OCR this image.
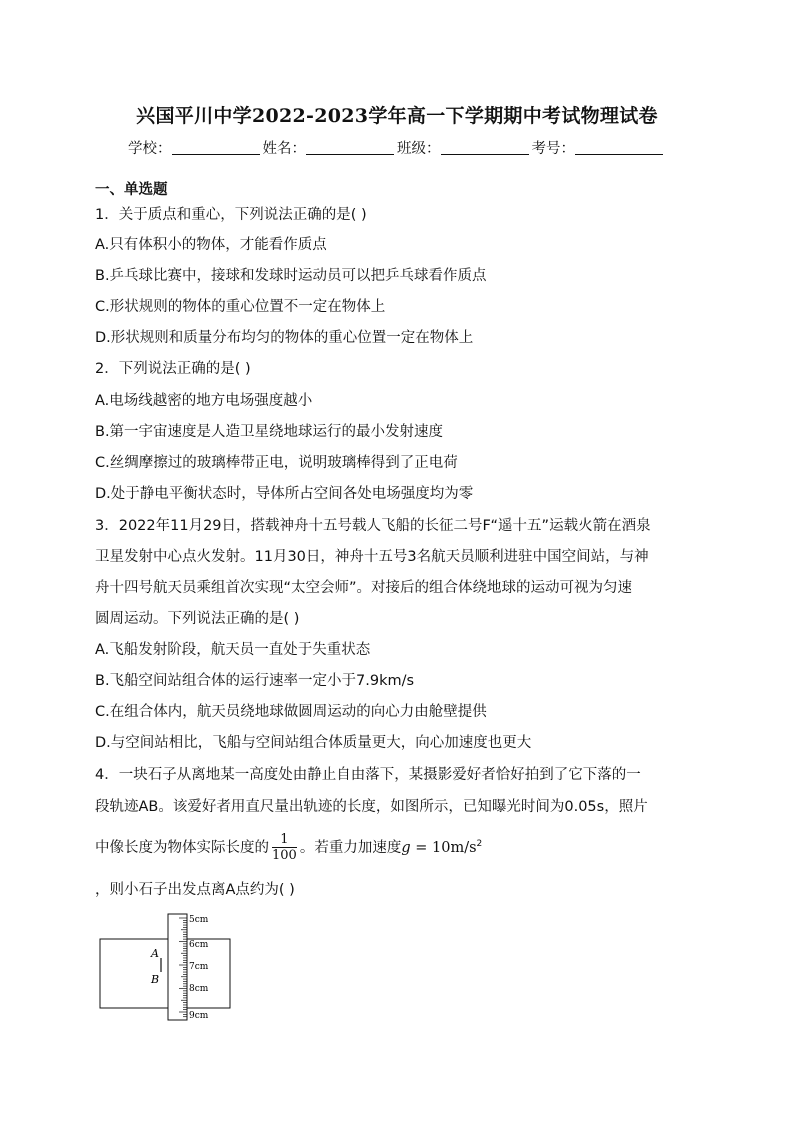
兴国平川中学2022-2023学年高一下学期期中考试物理试卷
学校：	姓名：	班级：	考号：
一、单选题
1．关于质点和重心，下列说法正确的是( )
A.只有体积小的物体，才能看作质点
B.乒乓球比赛中，接球和发球时运动员可以把乒乓球看作质点
C.形状规则的物体的重心位置不一定在物体上
D.形状规则和质量分布均匀的物体的重心位置一定在物体上
2．下列说法正确的是( )
A.电场线越密的地方电场强度越小
B.第一宇宙速度是人造卫星绕地球运行的最小发射速度
C.丝绸摩擦过的玻璃棒带正电，说明玻璃棒得到了正电荷
D.处于静电平衡状态时，导体所占空间各处电场强度均为零
3．2022年11月29日，搭载神舟十五号载人飞船的长征二号F“遥十五”运载火箭在酒泉
卫星发射中心点火发射。11月30日，神舟十五号3名航天员顺利进驻中国空间站，与神
舟十四号航天员乘组首次实现“太空会师”。对接后的组合体绕地球的运动可视为匀速
圆周运动。下列说法正确的是( )
A.飞船发射阶段，航天员一直处于失重状态
B.飞船空间站组合体的运行速率一定小于7.9km/s
C.在组合体内，航天员绕地球做圆周运动的向心力由舱壁提供
D.与空间站相比，飞船与空间站组合体质量更大，向心加速度也更大
4．一块石子从离地某一高度处由静止自由落下，某摄影爱好者恰好拍到了它下落的一
段轨迹AB。该爱好者用直尺量出轨迹的长度，如图所示，已知曝光时间为0.05s，照片
中像长度为物体实际长度的 $\frac{1}{100}$ 。若重力加速度$g = 10m/s^2$
，则小石子出发点离A点约为( )
A
B
5cm
6cm
7cm
8cm
9cm
